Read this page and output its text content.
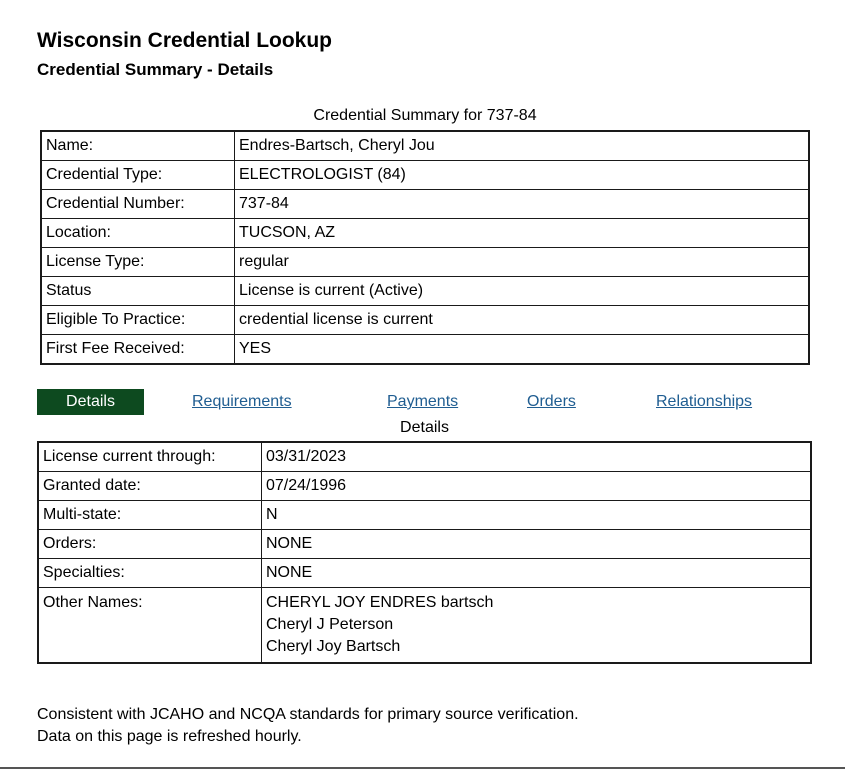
Wisconsin Credential Lookup
Credential Summary - Details
Credential Summary for 737-84
Name:	Endres-Bartsch, Cheryl Jou
Credential Type:	ELECTROLOGIST (84)
Credential Number:	737-84
Location:	TUCSON, AZ
License Type:	regular
Status	License is current (Active)
Eligible To Practice:	credential license is current
First Fee Received:	YES
Details	Requirements	Payments	Orders	Relationships
Details
License current through:	03/31/2023
Granted date:	07/24/1996
Multi-state:	N
Orders:	NONE
Specialties:	NONE
Other Names:	CHERYL JOY ENDRES bartsch
Cheryl J Peterson
Cheryl Joy Bartsch
Consistent with JCAHO and NCQA standards for primary source verification.
Data on this page is refreshed hourly.
